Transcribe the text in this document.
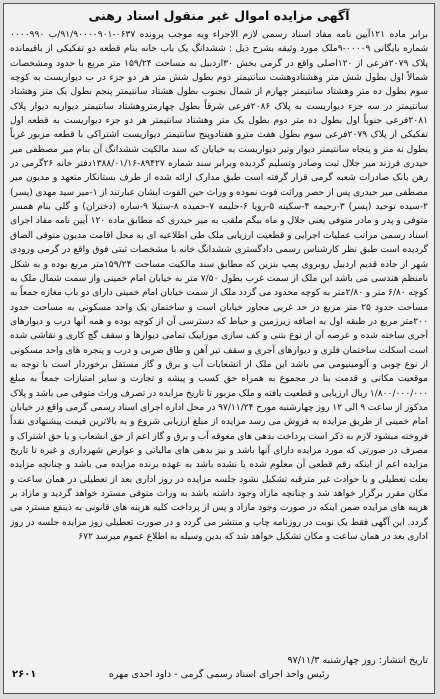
آگهی مزایده اموال غیر منقول اسناد رهنی

برابر ماده ۱۲۱آیین نامه مفاد اسناد رسمی لازم الاجراء وبه موجب پرونده ۰۶۳۷-۹۱/۹۰۰۰۰۹۰۱/ب ۰۰۰۰۹۹۰ شماره بایگانی ۰۰۰۰۹-۹ملک مورد وثیقه بشرح ذیل : ششدانگ یک باب خانه بنام قطعه دو تفکیکی از باقیمانده پلاک ۲۰۷۹فرعی از ۱۲۰اصلی واقع در گرمی بخش ۳۰اردبیل به مساحت ۱۵۹/۲۴ متر مربع با حدود ومشخصات شمالاً اول بطول شش متر وهشتادوهشت سانتیمتر دوم بطول شش متر هر دو جزء در ب دیواریست به کوچه سوم بطول ده متر وهشتاد سانتیمتر چهارم از شمال بجنوب بطول هشتاد سانتیمتر پنجم بطول یک متر وهشتاد سانتیمتر در سه جزء دیواریست به پلاک ۲۰۸۶فرعی شرقاً بطول چهارمتروهشتاد سانتیمتر دیواربه دیوار پلاک ۲۰۸۱فرعی جنوباً اول بطول ده متر دوم بطول یک متر وهشتاد سانتیمتر هر دو جزء دیواریست به قطعه اول تفکیکی از پلاک ۲۰۷۹فرعی سوم بطول هفت مترو هفتادوپنج سانتیمتر دیواریست اشتراکی با قطعه مزبور غرباً بطول نه متر و پنجاه سانتیمتر دیوار وتیر دیواریست به خیابان که سند مالکیت ششدانگ آن بنام میر مصطفی میر حیدری فرزند میر جلال ثبت وصادر وتسلیم گردیده وبرابر سند شماره ۸۹۴۲۷-۱۳۸۸/۰۱/۱۶دفتر خانه ۲۶گرمی در رهن بانک صادرات شعبه گرمی قرار گرفته است طبق مدارک ارائه شده از طرف بستانکار متعهد و مدیون میر مصطفی میر حیدری پس از حصر وراثت فوت نموده و وراث حین الفوت ایشان عبارتند از ۱-میر سید مهدی (پسر) ۲-سیده توحید (پسر) ۳-رحیمه ۴-سکینه ۵-رویا ۶-حلیمه ۷-حمیده ۸-ستیلا ۹-ساره (دختران) و گلی بنام همسر متوفی و پدر و مادر متوفی یعنی جلال و ماه بیگم ملقب به میر حیدری که مطابق ماده ۱۲۰ آیین نامه مفاد اجرای اسناد رسمی مراتب عملیات اجرایی و قطعیت ارزیابی ملک طی اطلاعیه ای به محل اقامت مدیون متوفی الصاق گردیده است طبق نظر کارشناس رسمی دادگستری ششدانگ خانه با مشخصات ثبتی فوق واقع در گرمی ورودی شهر از جاده قدیم اردبیل روبروی پمپ بنزین که مطابق سند مالکیت مساحت ۱۵۹/۲۴متر مربع بوده و به شکل نامنظم هندسی می باشد این ملک از سمت غرب بطول ۷/۵۰ متر به خیابان امام خمینی واز سمت شمال ملک به کوچه ۶/۸۰ متر و ۲/۸۰متر به کوچه محدود می گردد ملک از سمت خیابان امام خمینی دارای دو باب مغازه جمعاً به مساحت حدود ۲۵ متر مربع در حد غربی مجاور خیابان است و ساختمان یک واحد مسکونی به مساحت حدود ۲۰۰متر مربع در طبقه اول به اضافه زیرزمین و حیاط که دسترسی آن از کوچه بوده و همه آنها درب و دیوارهای آجری ساخته شده و عرصه آن از نوع بتنی و کف سازی موزاییک تمامی دیوارها و سقف گچ کاری و نقاشی شده است اسکلت ساختمان فلزی و دیوارهای آجری و سقف تیر آهن و طاق ضربی و درب و پنجره های واحد مسکونی از نوع چوبی و آلومینیومی می باشد این ملک از انشعابات آب و برق و گاز مستقل برخوردار است با توجه به موقعیت مکانی و قدمت بنا در مجموع به همراه حق کسب و پیشه و تجارت و سایر امتیازات جمعاً به مبلغ ۱/۸۰۰/۰۰۰/۰۰۰ ریال ارزیابی و قطعیت یافته و ملک مزبور تا تاریخ مزایده در تصرف وراث متوفی می باشد و پلاک مذکور از ساعت ۹ الی ۱۲ روز چهارشنبه مورخ ۹۷/۱۱/۲۴ در محل اداره اجرای اسناد رسمی گرمی واقع در خیابان امام خمینی از طریق مزایده به فروش می رسد مزایده از مبلغ ارزیابی شروع و به بالاترین قیمت پیشنهادی نقداً فروخته میشود لازم به ذکر است پرداخت بدهی های معوقه آب و برق و گاز اعم از حق انشعاب و یا حق اشتراک و مصرف در صورتی که مورد مزایده دارای آنها باشد و نیز بدهی های مالیاتی و عوارض شهرداری و غیره تا تاریخ مزایده اعم از اینکه رقم قطعی آن معلوم شده یا نشده باشد به عهده برنده مزایده می باشد و چنانچه مزایده بعلت تعطیلی و یا حوادث غیر مترقبه تشکیل نشود جلسه مزایده در روز اداری بعد از تعطیلی در همان ساعت و مکان مقرر برگزار خواهد شد و چنانچه مازاد وجود داشته باشد به وراث متوفی مسترد خواهد گردید و مازاد بر هزینه های مزایده ضمن اینکه در صورت وجود مازاد و پس از پرداخت کلیه هزینه های قانونی به ذینفع مسترد می گردد. این آگهی فقط یک نوبت در روزنامه چاپ و منتشر می گردد و در صورت تعطیلی روز مزایده جلسه در روز اداری بعد در همان ساعت و مکان تشکیل خواهد شد که بدین وسیله به اطلاع عموم میرسد ۶۷۲

تاریخ انتشار: روز چهارشنبه ۹۷/۱۱/۳
رئیس واحد اجرای اسناد رسمی گرمی - داود احدی مهره
۲۶۰۱
